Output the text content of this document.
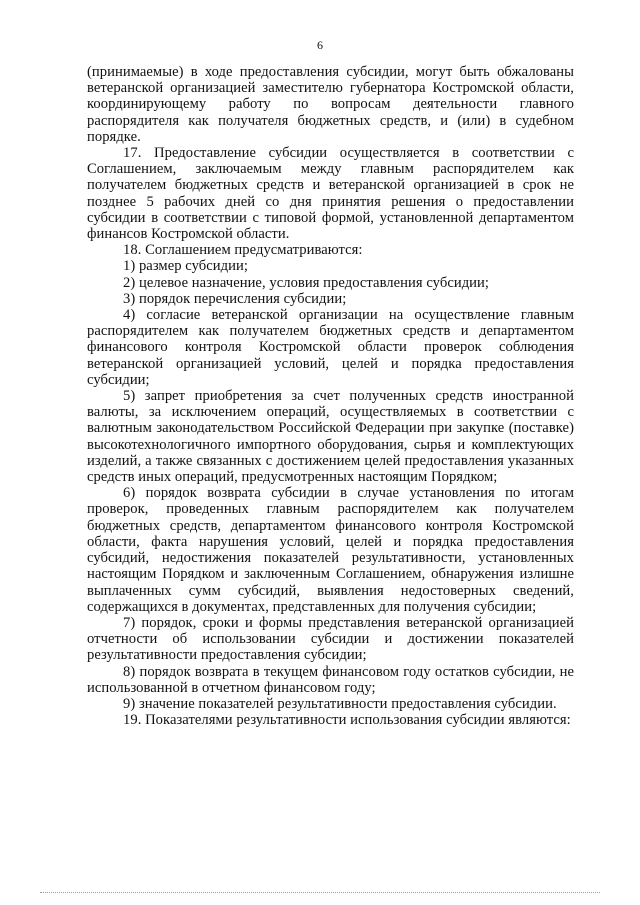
6

(принимаемые) в ходе предоставления субсидии, могут быть обжалованы ветеранской организацией заместителю губернатора Костромской области, координирующему работу по вопросам деятельности главного распорядителя как получателя бюджетных средств, и (или) в судебном порядке.

17. Предоставление субсидии осуществляется в соответствии с Соглашением, заключаемым между главным распорядителем как получателем бюджетных средств и ветеранской организацией в срок не позднее 5 рабочих дней со дня принятия решения о предоставлении субсидии в соответствии с типовой формой, установленной департаментом финансов Костромской области.

18. Соглашением предусматриваются:

1) размер субсидии;

2) целевое назначение, условия предоставления субсидии;

3) порядок перечисления субсидии;

4) согласие ветеранской организации на осуществление главным распорядителем как получателем бюджетных средств и департаментом финансового контроля Костромской области проверок соблюдения ветеранской организацией условий, целей и порядка предоставления субсидии;

5) запрет приобретения за счет полученных средств иностранной валюты, за исключением операций, осуществляемых в соответствии с валютным законодательством Российской Федерации при закупке (поставке) высокотехнологичного импортного оборудования, сырья и комплектующих изделий, а также связанных с достижением целей предоставления указанных средств иных операций, предусмотренных настоящим Порядком;

6) порядок возврата субсидии в случае установления по итогам проверок, проведенных главным распорядителем как получателем бюджетных средств, департаментом финансового контроля Костромской области, факта нарушения условий, целей и порядка предоставления субсидий, недостижения показателей результативности, установленных настоящим Порядком и заключенным Соглашением, обнаружения излишне выплаченных сумм субсидий, выявления недостоверных сведений, содержащихся в документах, представленных для получения субсидии;

7) порядок, сроки и формы представления ветеранской организацией отчетности об использовании субсидии и достижении показателей результативности предоставления субсидии;

8) порядок возврата в текущем финансовом году остатков субсидии, не использованной в отчетном финансовом году;

9) значение показателей результативности предоставления субсидии.

19. Показателями результативности использования субсидии являются:
